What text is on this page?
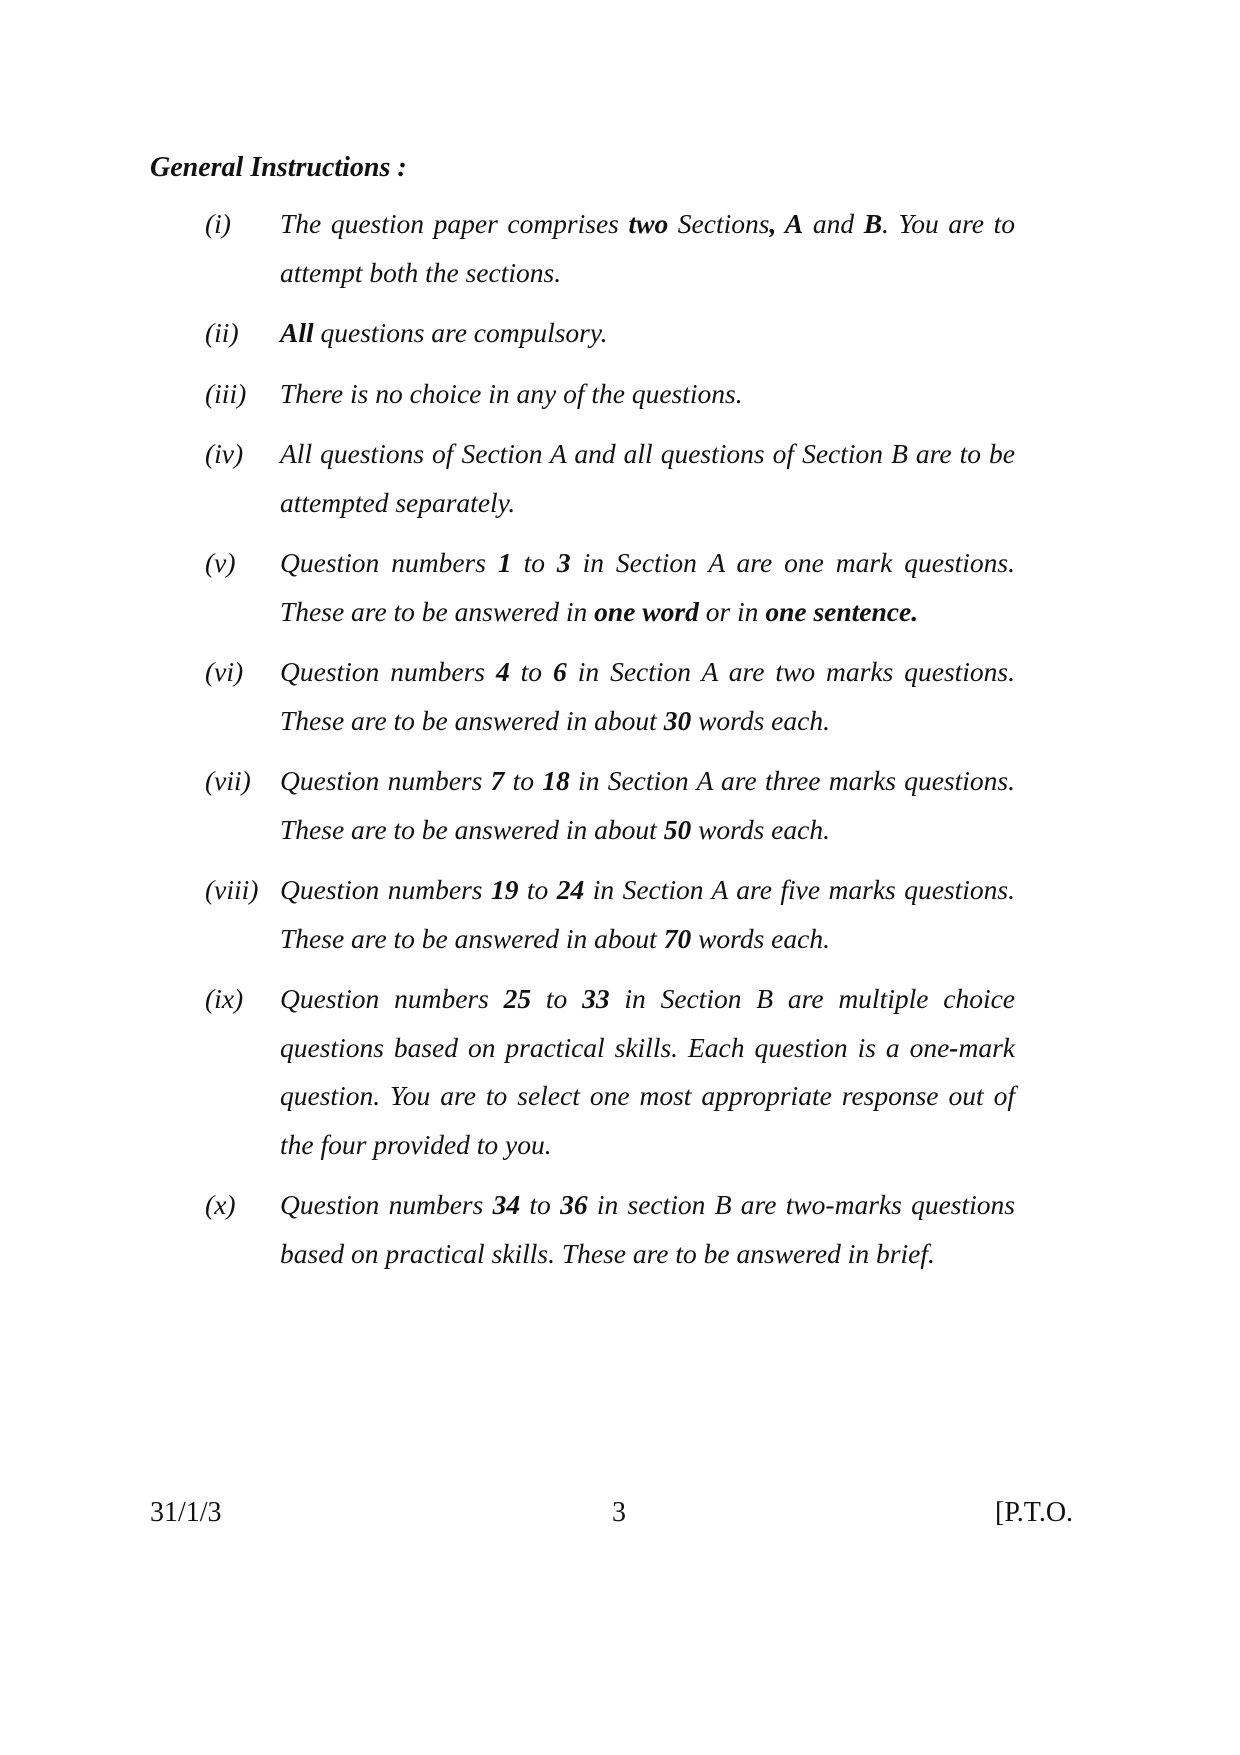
General Instructions :
(i)	The question paper comprises two Sections, A and B. You are to attempt both the sections.
(ii)	All questions are compulsory.
(iii)	There is no choice in any of the questions.
(iv)	All questions of Section A and all questions of Section B are to be attempted separately.
(v)	Question numbers 1 to 3 in Section A are one mark questions. These are to be answered in one word or in one sentence.
(vi)	Question numbers 4 to 6 in Section A are two marks questions. These are to be answered in about 30 words each.
(vii)	Question numbers 7 to 18 in Section A are three marks questions. These are to be answered in about 50 words each.
(viii) Question numbers 19 to 24 in Section A are five marks questions. These are to be answered in about 70 words each.
(ix)	Question numbers 25 to 33 in Section B are multiple choice questions based on practical skills. Each question is a one-mark question. You are to select one most appropriate response out of the four provided to you.
(x)	Question numbers 34 to 36 in section B are two-marks questions based on practical skills. These are to be answered in brief.
31/1/3	3	[P.T.O.
